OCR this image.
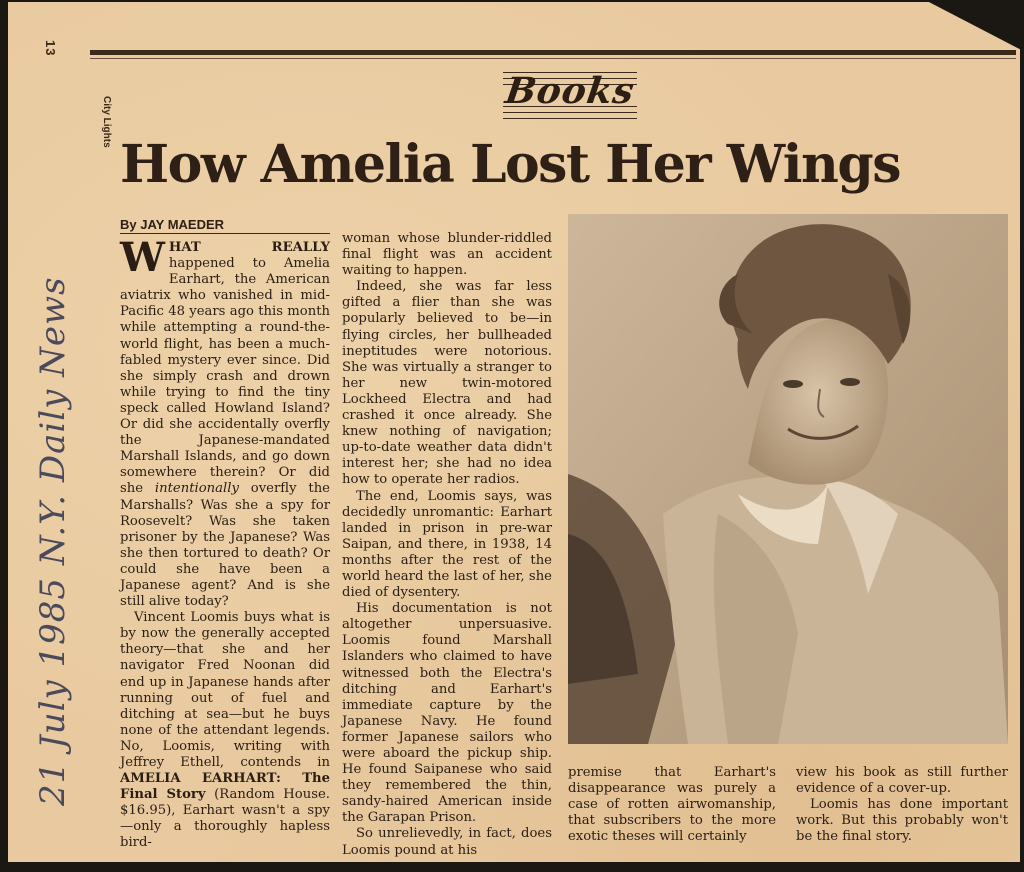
13
City Lights
Books
How Amelia Lost Her Wings
By JAY MAEDER

WHAT REALLY happened to Amelia Earhart, the American aviatrix who vanished in mid-Pacific 48 years ago this month while attempting a round-the-world flight, has been a much-fabled mystery ever since. Did she simply crash and drown while trying to find the tiny speck called Howland Island? Or did she accidentally overfly the Japanese-mandated Marshall Islands, and go down somewhere therein? Or did she intentionally overfly the Marshalls? Was she a spy for Roosevelt? Was she taken prisoner by the Japanese? Was she then tortured to death? Or could she have been a Japanese agent? And is she still alive today?

Vincent Loomis buys what is by now the generally accepted theory—that she and her navigator Fred Noonan did end up in Japanese hands after running out of fuel and ditching at sea—but he buys none of the attendant legends. No, Loomis, writing with Jeffrey Ethell, contends in AMELIA EARHART: The Final Story (Random House. $16.95), Earhart wasn't a spy—only a thoroughly hapless bird-

woman whose blunder-riddled final flight was an accident waiting to happen.

Indeed, she was far less gifted a flier than she was popularly believed to be—in flying circles, her bullheaded ineptitudes were notorious. She was virtually a stranger to her new twin-motored Lockheed Electra and had crashed it once already. She knew nothing of navigation; up-to-date weather data didn't interest her; she had no idea how to operate her radios.

The end, Loomis says, was decidedly unromantic: Earhart landed in prison in pre-war Saipan, and there, in 1938, 14 months after the rest of the world heard the last of her, she died of dysentery.

His documentation is not altogether unpersuasive. Loomis found Marshall Islanders who claimed to have witnessed both the Electra's ditching and Earhart's immediate capture by the Japanese Navy. He found former Japanese sailors who were aboard the pickup ship. He found Saipanese who said they remembered the thin, sandy-haired American inside the Garapan Prison.

So unrelievedly, in fact, does Loomis pound at his

premise that Earhart's disappearance was purely a case of rotten airwomanship, that subscribers to the more exotic theses will certainly

view his book as still further evidence of a cover-up.

Loomis has done important work. But this probably won't be the final story.

21 July 1985 N.Y. Daily News
